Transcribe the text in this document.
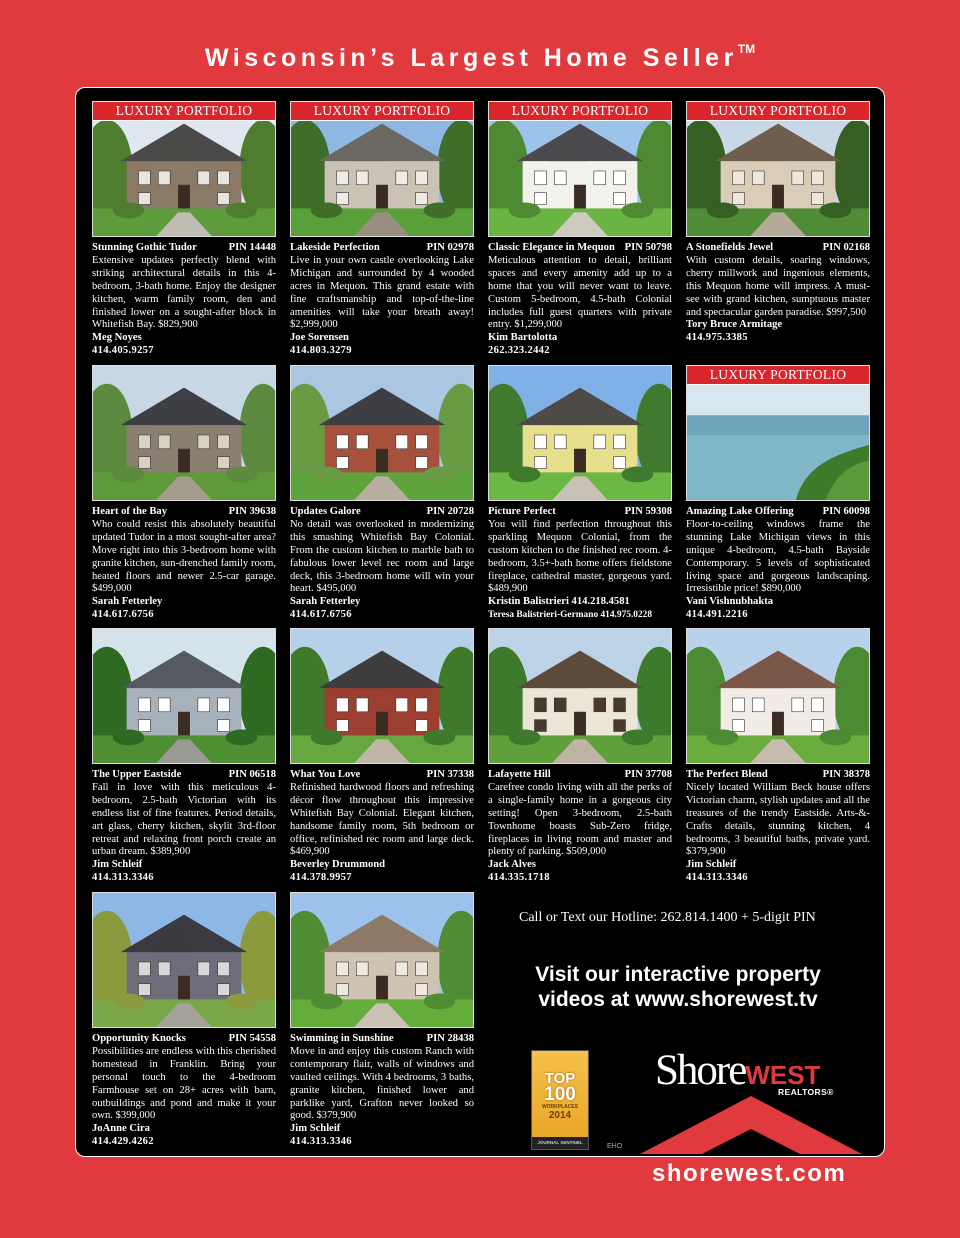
Wisconsin’s Largest Home Seller™
LUXURY PORTFOLIO
Stunning Gothic Tudor	PIN 14448
Extensive updates perfectly blend with striking architectural details in this 4-bedroom, 3-bath home. Enjoy the designer kitchen, warm family room, den and finished lower on a sought-after block in Whitefish Bay. $829,900
Meg Noyes
414.405.9257
LUXURY PORTFOLIO
Lakeside Perfection	PIN 02978
Live in your own castle overlooking Lake Michigan and surrounded by 4 wooded acres in Mequon. This grand estate with fine craftsmanship and top-of-the-line amenities will take your breath away! $2,999,000
Joe Sorensen
414.803.3279
LUXURY PORTFOLIO
Classic Elegance in Mequon PIN 50798
Meticulous attention to detail, brilliant spaces and every amenity add up to a home that you will never want to leave. Custom 5-bedroom, 4.5-bath Colonial includes full guest quarters with private entry. $1,299,000
Kim Bartolotta
262.323.2442
LUXURY PORTFOLIO
A Stonefields Jewel	PIN 02168
With custom details, soaring windows, cherry millwork and ingenious elements, this Mequon home will impress. A must-see with grand kitchen, sumptuous master and spectacular garden paradise. $997,500
Tory Bruce Armitage
414.975.3385
Heart of the Bay	PIN 39638
Who could resist this absolutely beautiful updated Tudor in a most sought-after area? Move right into this 3-bedroom home with granite kitchen, sun-drenched family room, heated floors and newer 2.5-car garage. $499,000
Sarah Fetterley
414.617.6756
Updates Galore	PIN 20728
No detail was overlooked in modernizing this smashing Whitefish Bay Colonial. From the custom kitchen to marble bath to fabulous lower level rec room and large deck, this 3-bedroom home will win your heart. $495,000
Sarah Fetterley
414.617.6756
Picture Perfect	PIN 59308
You will find perfection throughout this sparkling Mequon Colonial, from the custom kitchen to the finished rec room. 4-bedroom, 3.5+-bath home offers fieldstone fireplace, cathedral master, gorgeous yard. $489,900
Kristin Balistrieri 414.218.4581
Teresa Balistrieri-Germano 414.975.0228
LUXURY PORTFOLIO
Amazing Lake Offering	PIN 60098
Floor-to-ceiling windows frame the stunning Lake Michigan views in this unique 4-bedroom, 4.5-bath Bayside Contemporary. 5 levels of sophisticated living space and gorgeous landscaping. Irresistible price! $890,000
Vani Vishnubhakta
414.491.2216
The Upper Eastside	PIN 06518
Fall in love with this meticulous 4-bedroom, 2.5-bath Victorian with its endless list of fine features. Period details, art glass, cherry kitchen, skylit 3rd-floor retreat and relaxing front porch create an urban dream. $389,900
Jim Schleif
414.313.3346
What You Love	PIN 37338
Refinished hardwood floors and refreshing décor flow throughout this impressive Whitefish Bay Colonial. Elegant kitchen, handsome family room, 5th bedroom or office, refinished rec room and large deck. $469,900
Beverley Drummond
414.378.9957
Lafayette Hill	PIN 37708
Carefree condo living with all the perks of a single-family home in a gorgeous city setting! Open 3-bedroom, 2.5-bath Townhome boasts Sub-Zero fridge, fireplaces in living room and master and plenty of parking. $509,000
Jack Alves
414.335.1718
The Perfect Blend	PIN 38378
Nicely located William Beck house offers Victorian charm, stylish updates and all the treasures of the trendy Eastside. Arts-&-Crafts details, stunning kitchen, 4 bedrooms, 3 beautiful baths, private yard. $379,900
Jim Schleif
414.313.3346
Opportunity Knocks	PIN 54558
Possibilities are endless with this cherished homestead in Franklin. Bring your personal touch to the 4-bedroom Farmhouse set on 28+ acres with barn, outbuildings and pond and make it your own. $399,000
JoAnne Cira
414.429.4262
Swimming in Sunshine	PIN 28438
Move in and enjoy this custom Ranch with contemporary flair, walls of windows and vaulted ceilings. With 4 bedrooms, 3 baths, granite kitchen, finished lower and parklike yard, Grafton never looked so good. $379,900
Jim Schleif
414.313.3346
Call or Text our Hotline: 262.814.1400 + 5-digit PIN
Visit our interactive property
videos at www.shorewest.tv
TOP
100
WORKPLACES
2014
JOURNAL SENTINEL
EHO
ShoreWEST
REALTORS®
shorewest.com
